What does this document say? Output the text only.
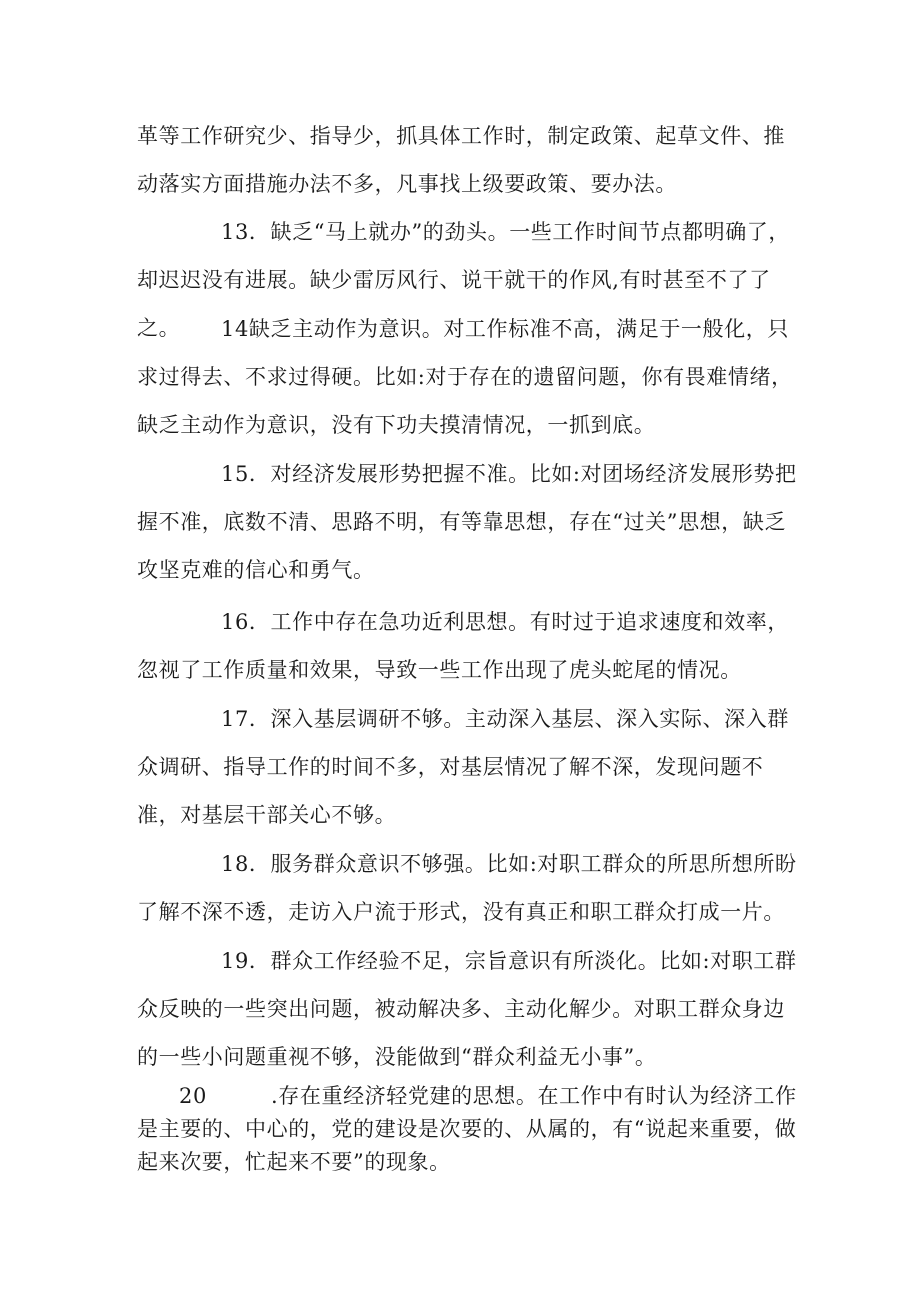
革等工作研究少、指导少，抓具体工作时，制定政策、起草文件、推动落实方面措施办法不多，凡事找上级要政策、要办法。

13．缺乏“马上就办”的劲头。一些工作时间节点都明确了，却迟迟没有进展。缺少雷厉风行、说干就干的作风,有时甚至不了了之。	14缺乏主动作为意识。对工作标准不高，满足于一般化，只求过得去、不求过得硬。比如:对于存在的遗留问题，你有畏难情绪，缺乏主动作为意识，没有下功夫摸清情况，一抓到底。

15．对经济发展形势把握不准。比如:对团场经济发展形势把握不准，底数不清、思路不明，有等靠思想，存在“过关”思想，缺乏攻坚克难的信心和勇气。

16．工作中存在急功近利思想。有时过于追求速度和效率，忽视了工作质量和效果，导致一些工作出现了虎头蛇尾的情况。

17．深入基层调研不够。主动深入基层、深入实际、深入群众调研、指导工作的时间不多，对基层情况了解不深，发现问题不准，对基层干部关心不够。

18．服务群众意识不够强。比如:对职工群众的所思所想所盼了解不深不透，走访入户流于形式，没有真正和职工群众打成一片。

19．群众工作经验不足，宗旨意识有所淡化。比如:对职工群众反映的一些突出问题，被动解决多、主动化解少。对职工群众身边的一些小问题重视不够，没能做到“群众利益无小事”。

20	.存在重经济轻党建的思想。在工作中有时认为经济工作是主要的、中心的，党的建设是次要的、从属的，有“说起来重要，做起来次要，忙起来不要”的现象。
